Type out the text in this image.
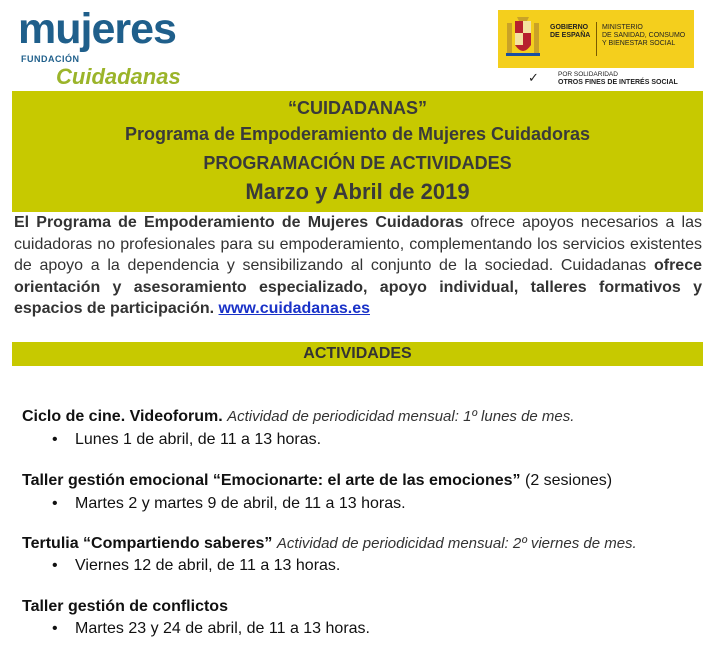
mujeres
FUNDACIÓN
Cuidadanas
GOBIERNO
DE ESPAÑA
MINISTERIO
DE SANIDAD, CONSUMO
Y BIENESTAR SOCIAL
✓	POR SOLIDARIDAD
OTROS FINES DE INTERÉS SOCIAL
“CUIDADANAS”
Programa de Empoderamiento de Mujeres Cuidadoras
PROGRAMACIÓN DE ACTIVIDADES
Marzo y Abril de 2019
El Programa de Empoderamiento de Mujeres Cuidadoras ofrece apoyos necesarios a las cuidadoras no profesionales para su empoderamiento, complementando los servicios existentes de apoyo a la dependencia y sensibilizando al conjunto de la sociedad. Cuidadanas ofrece orientación y asesoramiento especializado, apoyo individual, talleres formativos y espacios de participación. www.cuidadanas.es
ACTIVIDADES
Ciclo de cine. Videoforum. Actividad de periodicidad mensual: 1º lunes de mes.
• Lunes 1 de abril, de 11 a 13 horas.
Taller gestión emocional “Emocionarte: el arte de las emociones” (2 sesiones)
• Martes 2 y martes 9 de abril, de 11 a 13 horas.
Tertulia “Compartiendo saberes” Actividad de periodicidad mensual: 2º viernes de mes.
• Viernes 12 de abril, de 11 a 13 horas.
Taller gestión de conflictos
• Martes 23 y 24 de abril, de 11 a 13 horas.
